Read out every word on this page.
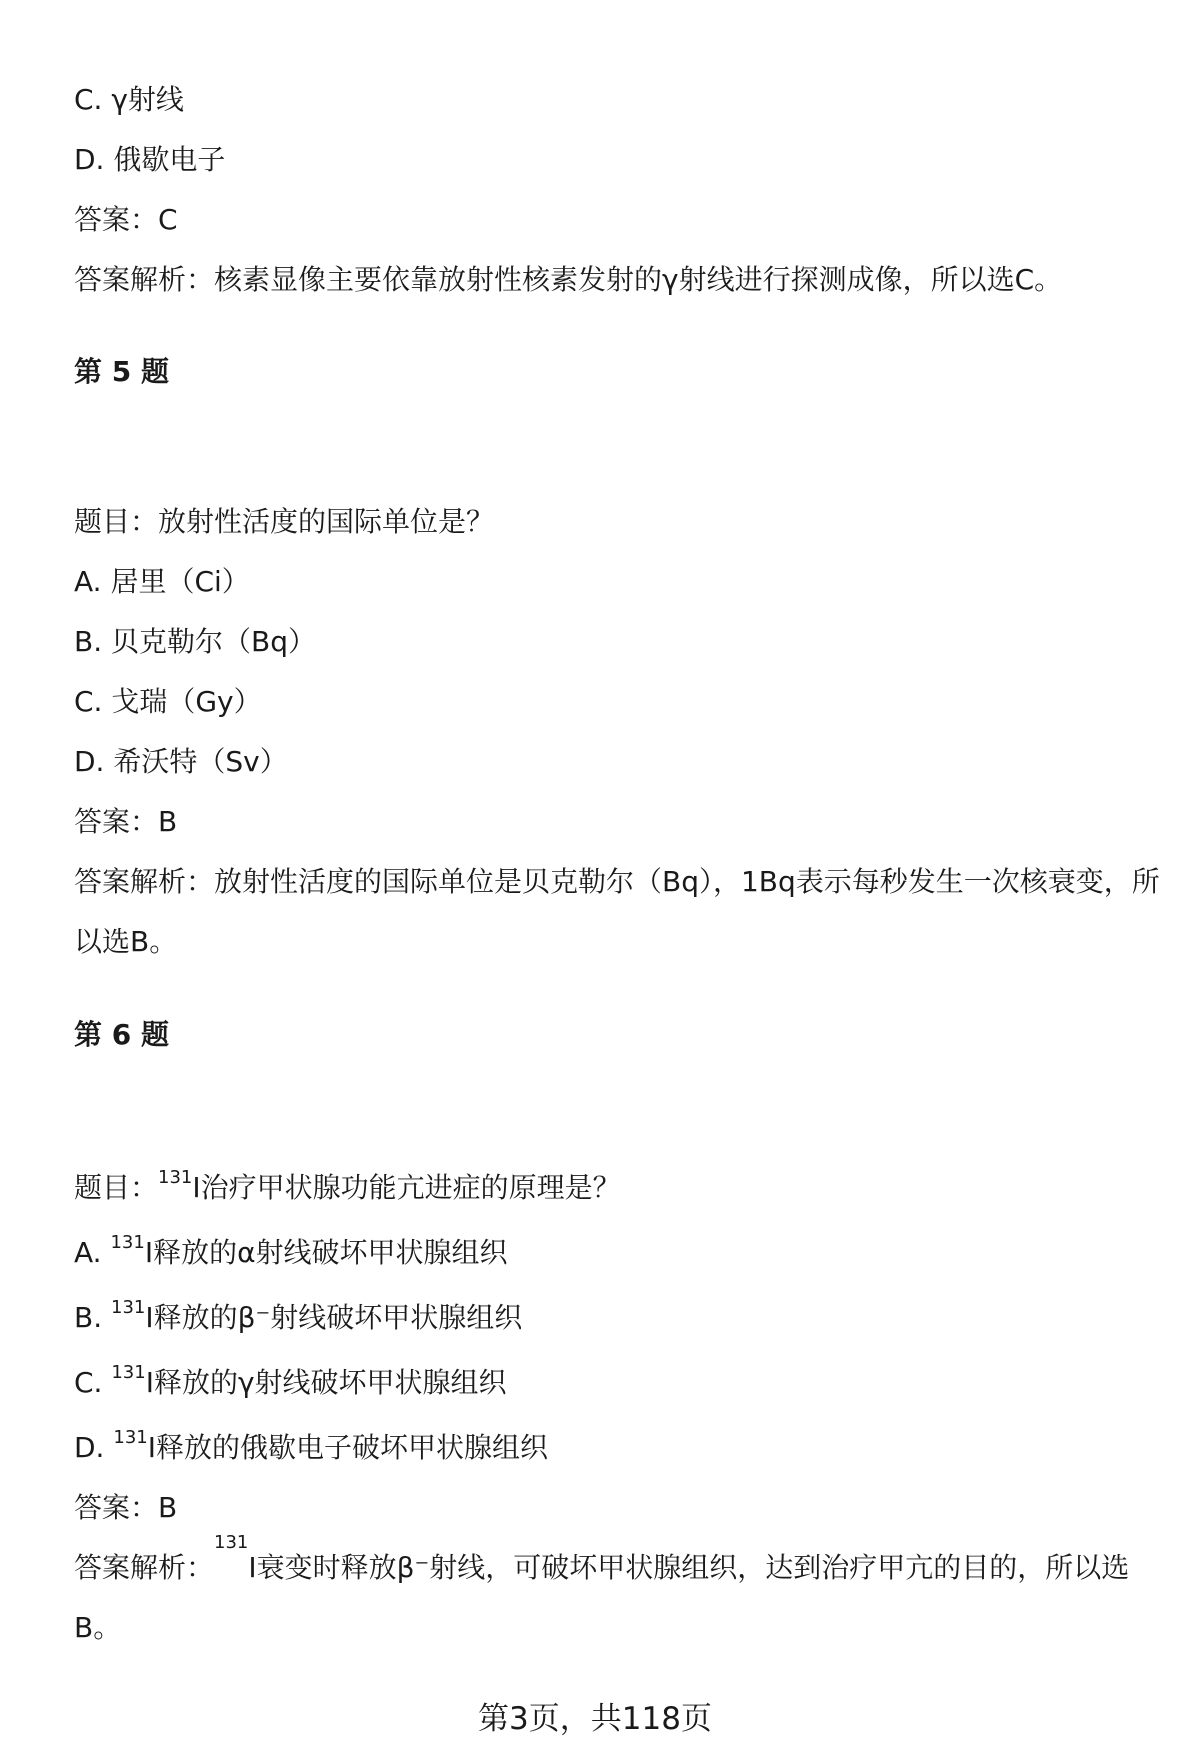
C. γ射线
D. 俄歇电子
答案：C
答案解析：核素显像主要依靠放射性核素发射的γ射线进行探测成像，所以选C。
第 5 题
题目：放射性活度的国际单位是？
A. 居里（Ci）
B. 贝克勒尔（Bq）
C. 戈瑞（Gy）
D. 希沃特（Sv）
答案：B
答案解析：放射性活度的国际单位是贝克勒尔（Bq），1Bq表示每秒发生一次核衰变，所以选B。
第 6 题
题目：$^{131}$I治疗甲状腺功能亢进症的原理是？
A. $^{131}$I释放的α射线破坏甲状腺组织
B. $^{131}$I释放的β⁻射线破坏甲状腺组织
C. $^{131}$I释放的γ射线破坏甲状腺组织
D. $^{131}$I释放的俄歇电子破坏甲状腺组织
答案：B
答案解析：$^{131}$I衰变时释放β⁻射线，可破坏甲状腺组织，达到治疗甲亢的目的，所以选B。
第3页，共118页
